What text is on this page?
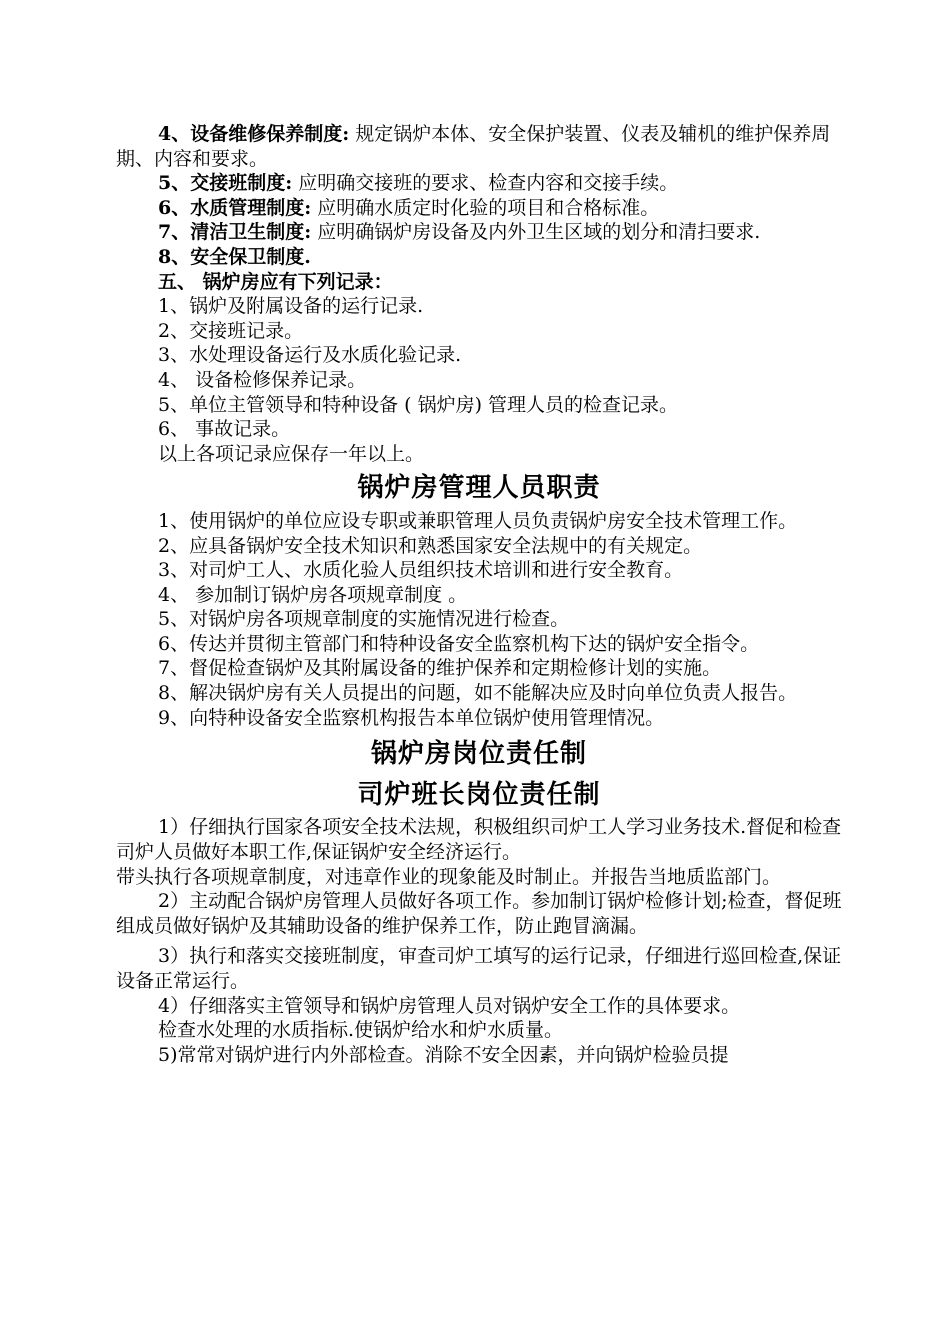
4、设备维修保养制度: 规定锅炉本体、安全保护装置、仪表及辅机的维护保养周期、内容和要求。

5、交接班制度: 应明确交接班的要求、检查内容和交接手续。

6、水质管理制度: 应明确水质定时化验的项目和合格标准。

7、清洁卫生制度: 应明确锅炉房设备及内外卫生区域的划分和清扫要求.

8、安全保卫制度.

五、 锅炉房应有下列记录：

1、锅炉及附属设备的运行记录.

2、交接班记录。

3、水处理设备运行及水质化验记录.

4、 设备检修保养记录。

5、单位主管领导和特种设备 ( 锅炉房) 管理人员的检查记录。

6、 事故记录。

以上各项记录应保存一年以上。

锅炉房管理人员职责

1、使用锅炉的单位应设专职或兼职管理人员负责锅炉房安全技术管理工作。

2、应具备锅炉安全技术知识和熟悉国家安全法规中的有关规定。

3、对司炉工人、水质化验人员组织技术培训和进行安全教育。

4、 参加制订锅炉房各项规章制度 。

5、对锅炉房各项规章制度的实施情况进行检查。

6、传达并贯彻主管部门和特种设备安全监察机构下达的锅炉安全指令。

7、督促检查锅炉及其附属设备的维护保养和定期检修计划的实施。

8、解决锅炉房有关人员提出的问题，如不能解决应及时向单位负责人报告。

9、向特种设备安全监察机构报告本单位锅炉使用管理情况。

锅炉房岗位责任制
司炉班长岗位责任制

1）仔细执行国家各项安全技术法规，积极组织司炉工人学习业务技术.督促和检查司炉人员做好本职工作,保证锅炉安全经济运行。

带头执行各项规章制度，对违章作业的现象能及时制止。并报告当地质监部门。

2）主动配合锅炉房管理人员做好各项工作。参加制订锅炉检修计划;检查，督促班组成员做好锅炉及其辅助设备的维护保养工作，防止跑冒滴漏。

3）执行和落实交接班制度，审查司炉工填写的运行记录，仔细进行巡回检查,保证设备正常运行。

4）仔细落实主管领导和锅炉房管理人员对锅炉安全工作的具体要求。

检查水处理的水质指标.使锅炉给水和炉水质量。

5)常常对锅炉进行内外部检查。消除不安全因素，并向锅炉检验员提
